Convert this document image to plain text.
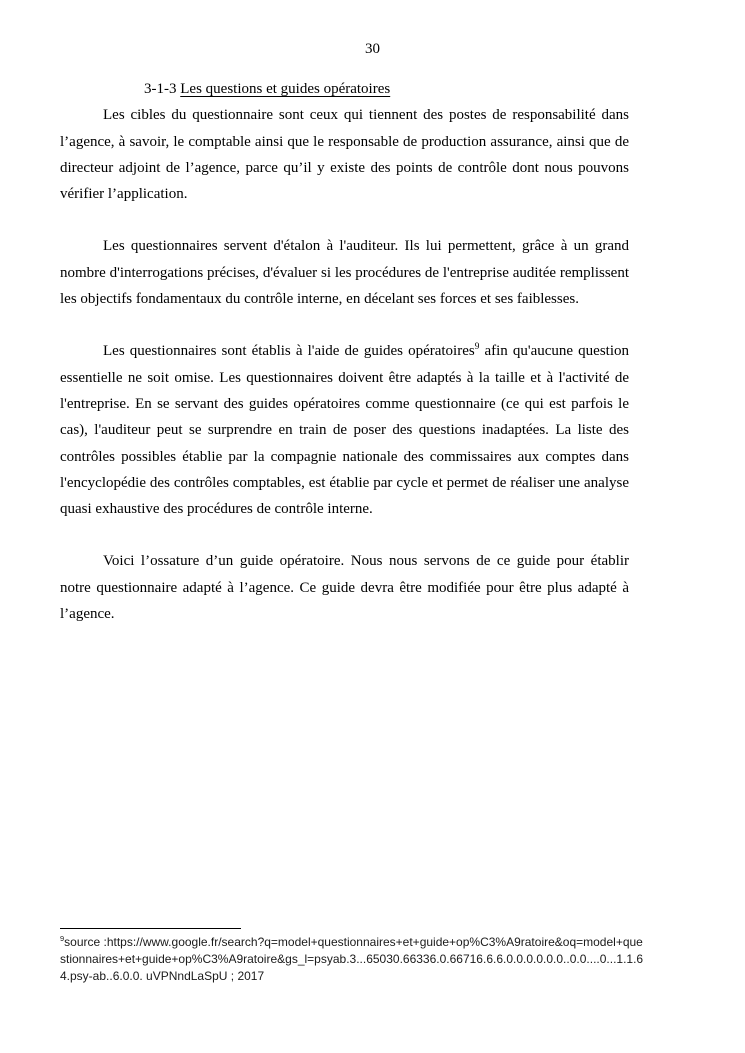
30
3-1-3 Les questions et guides opératoires

Les cibles du questionnaire sont ceux qui tiennent des postes de responsabilité dans l’agence, à savoir, le comptable ainsi que le responsable de production assurance, ainsi que de directeur adjoint de l’agence, parce qu’il y existe des points de contrôle dont nous pouvons vérifier l’application.

Les questionnaires servent d'étalon à l'auditeur. Ils lui permettent, grâce à un grand nombre d'interrogations précises, d'évaluer si les procédures de l'entreprise auditée remplissent les objectifs fondamentaux du contrôle interne, en décelant ses forces et ses faiblesses.

Les questionnaires sont établis à l'aide de guides opératoires$^9$ afin qu'aucune question essentielle ne soit omise. Les questionnaires doivent être adaptés à la taille et à l'activité de l'entreprise. En se servant des guides opératoires comme questionnaire (ce qui est parfois le cas), l'auditeur peut se surprendre en train de poser des questions inadaptées. La liste des contrôles possibles établie par la compagnie nationale des commissaires aux comptes dans l'encyclopédie des contrôles comptables, est établie par cycle et permet de réaliser une analyse quasi exhaustive des procédures de contrôle interne.

Voici l’ossature d’un guide opératoire. Nous nous servons de ce guide pour établir notre questionnaire adapté à l’agence. Ce guide devra être modifiée pour être plus adapté à l’agence.

$^9$source :https://www.google.fr/search?q=model+questionnaires+et+guide+op%C3%A9ratoire&oq=model+questionnaires+et+guide+op%C3%A9ratoire&gs_l=psyab.3...65030.66336.0.66716.6.6.0.0.0.0.0.0..0.0....0...1.1.64.psy-ab..6.0.0. uVPNndLaSpU ; 2017
